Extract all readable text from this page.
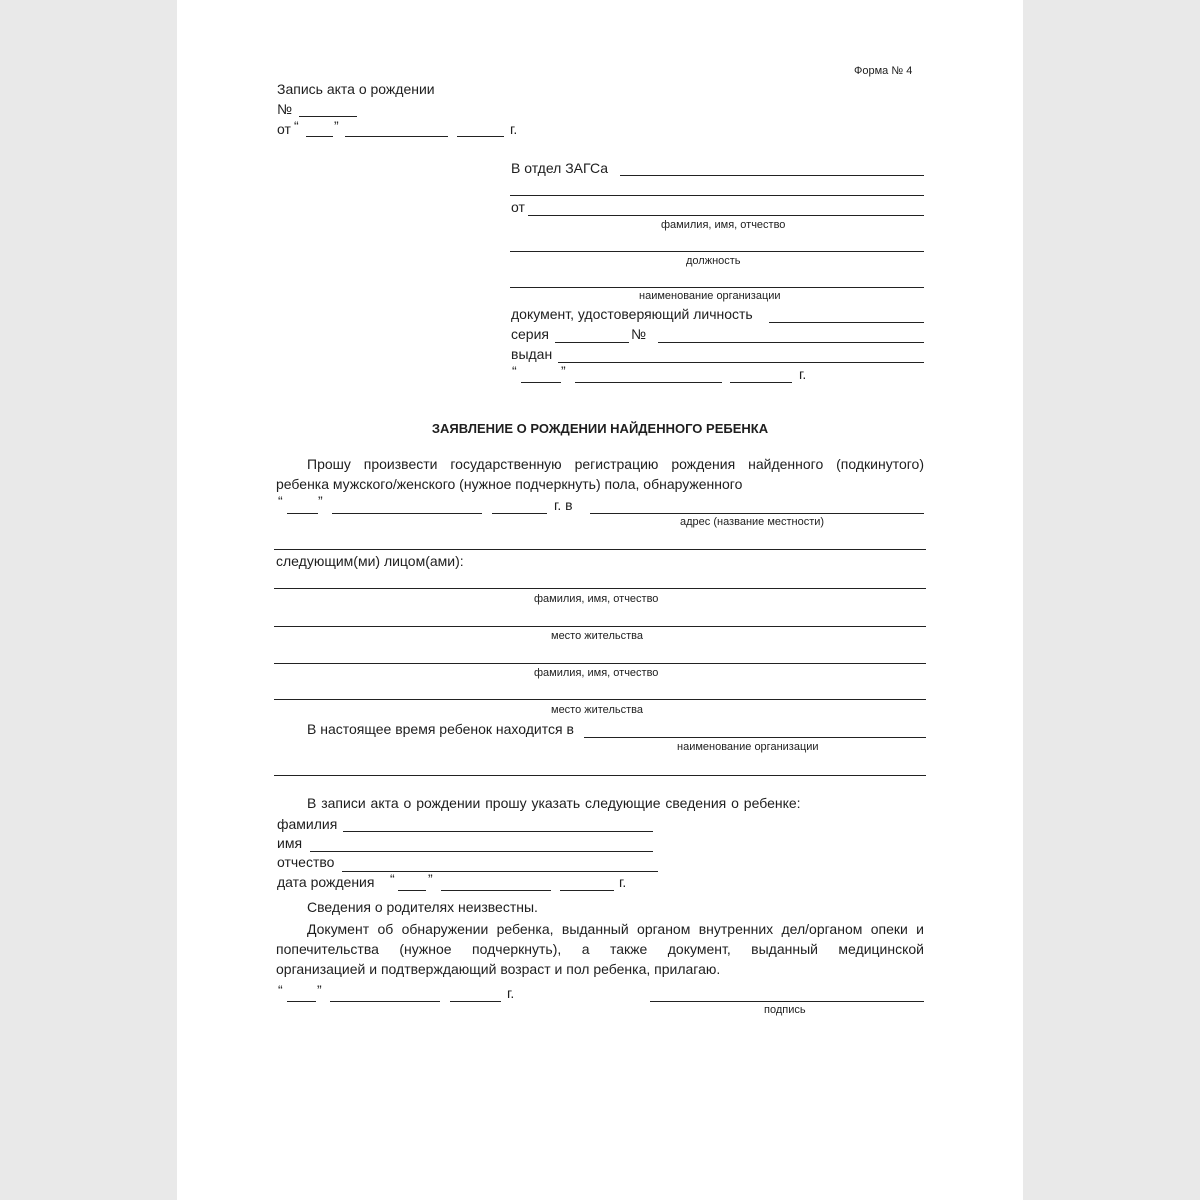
Форма № 4
Запись акта о рождении
№
от “	”	г.
В отдел ЗАГСа
от
фамилия, имя, отчество
должность
наименование организации
документ, удостоверяющий личность
серия	№
выдан
“	”	г.
ЗАЯВЛЕНИЕ О РОЖДЕНИИ НАЙДЕННОГО РЕБЕНКА
Прошу произвести государственную регистрацию рождения найденного (подкинутого)
ребенка мужского/женского (нужное подчеркнуть) пола, обнаруженного
“	”	г. в
адрес (название местности)
следующим(ми) лицом(ами):
фамилия, имя, отчество
место жительства
фамилия, имя, отчество
место жительства
В настоящее время ребенок находится в
наименование организации
В записи акта о рождении прошу указать следующие сведения о ребенке:
фамилия
имя
отчество
дата рождения “ ”	г.
Сведения о родителях неизвестны.
Документ об обнаружении ребенка, выданный органом внутренних дел/органом опеки и
попечительства (нужное подчеркнуть), а также документ, выданный медицинской
организацией и подтверждающий возраст и пол ребенка, прилагаю.
“ ”	г.
подпись
